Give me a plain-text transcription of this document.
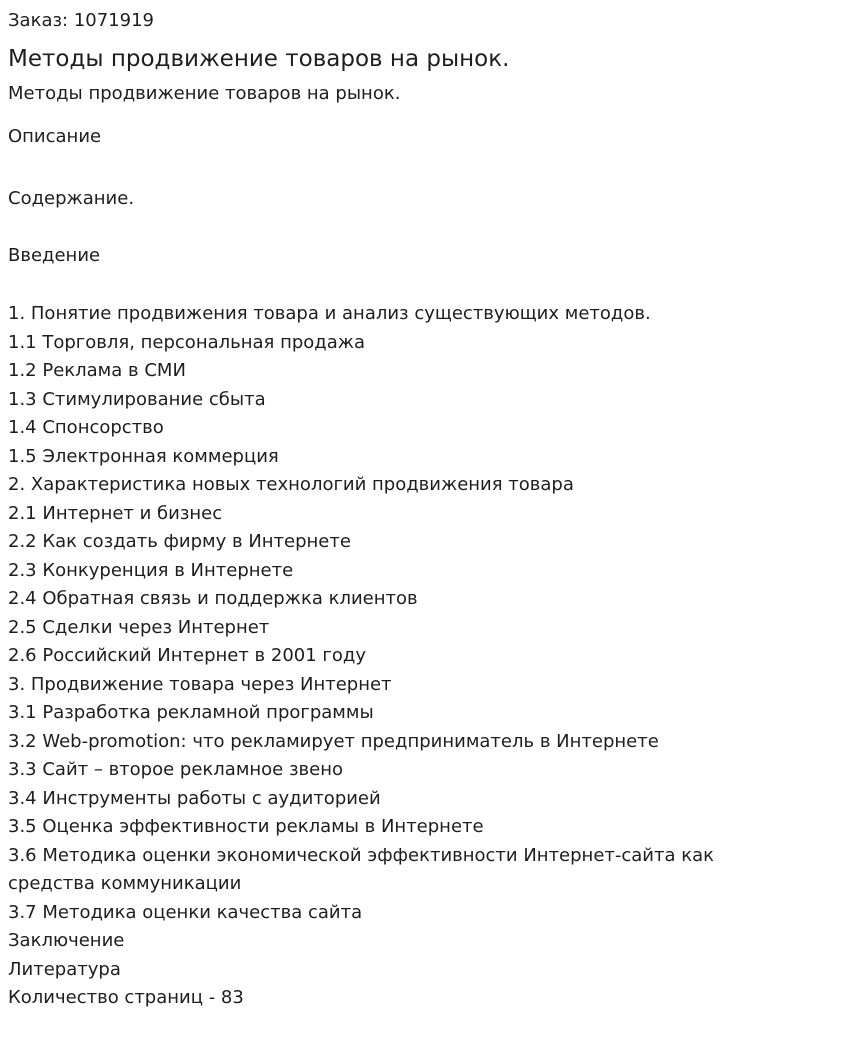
Заказ: 1071919

Методы продвижение товаров на рынок.

Методы продвижение товаров на рынок.

Описание

Содержание.

Введение

1. Понятие продвижения товара и анализ существующих методов.
1.1 Торговля, персональная продажа
1.2 Реклама в СМИ
1.3 Стимулирование сбыта
1.4 Спонсорство
1.5 Электронная коммерция
2. Характеристика новых технологий продвижения товара
2.1 Интернет и бизнес
2.2 Как создать фирму в Интернете
2.3 Конкуренция в Интернете
2.4 Обратная связь и поддержка клиентов
2.5 Сделки через Интернет
2.6 Российский Интернет в 2001 году
3. Продвижение товара через Интернет
3.1 Разработка рекламной программы
3.2 Web-promotion: что рекламирует предприниматель в Интернете
3.3 Сайт – второе рекламное звено
3.4 Инструменты работы с аудиторией
3.5 Оценка эффективности рекламы в Интернете
3.6 Методика оценки экономической эффективности Интернет-сайта как средства коммуникации
3.7 Методика оценки качества сайта
Заключение
Литература
Количество страниц - 83
